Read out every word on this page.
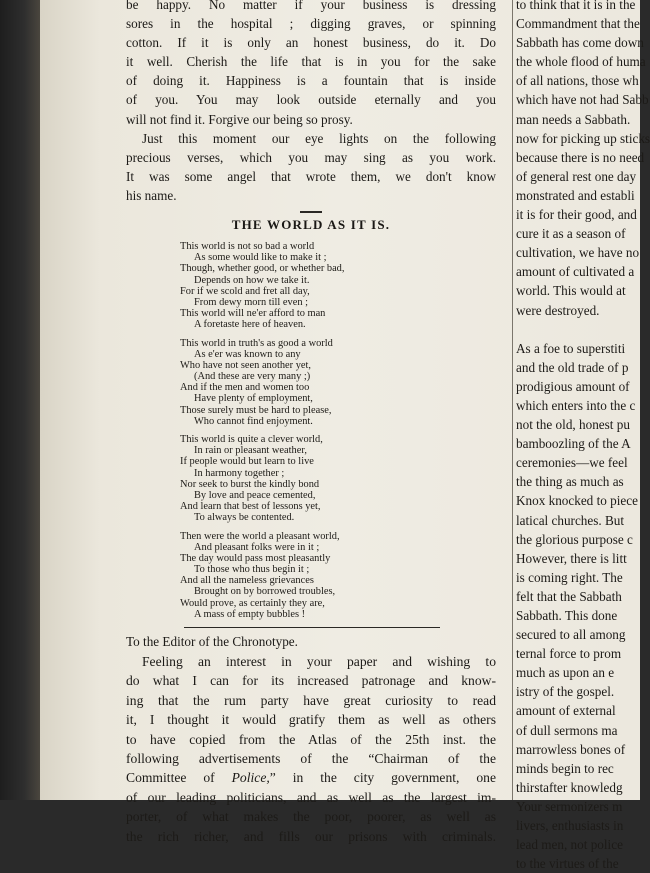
be happy. No matter if your business is dressing
sores in the hospital ; digging graves, or spinning
cotton. If it is only an honest business, do it. Do
it well. Cherish the life that is in you for the sake
of doing it. Happiness is a fountain that is inside
of you. You may look outside eternally and you
will not find it. Forgive our being so prosy.
Just this moment our eye lights on the following
precious verses, which you may sing as you work.
It was some angel that wrote them, we don't know
his name.
THE WORLD AS IT IS.
This world is not so bad a world
As some would like to make it ;
Though, whether good, or whether bad,
Depends on how we take it.
For if we scold and fret all day,
From dewy morn till even ;
This world will ne'er afford to man
A foretaste here of heaven.
This world in truth's as good a world
As e'er was known to any
Who have not seen another yet,
(And these are very many ;)
And if the men and women too
Have plenty of employment,
Those surely must be hard to please,
Who cannot find enjoyment.
This world is quite a clever world,
In rain or pleasant weather,
If people would but learn to live
In harmony together ;
Nor seek to burst the kindly bond
By love and peace cemented,
And learn that best of lessons yet,
To always be contented.
Then were the world a pleasant world,
And pleasant folks were in it ;
The day would pass most pleasantly
To those who thus begin it ;
And all the nameless grievances
Brought on by borrowed troubles,
Would prove, as certainly they are,
A mass of empty bubbles !
To the Editor of the Chronotype.
Feeling an interest in your paper and wishing to
do what I can for its increased patronage and know-
ing that the rum party have great curiosity to read
it, I thought it would gratify them as well as others
to have copied from the Atlas of the 25th inst. the
following advertisements of the “Chairman of the
Committee of Police,” in the city government, one
of our leading politicians, and as well as the largest im-
porter, of what makes the poor, poorer, as well as
the rich richer, and fills our prisons with criminals.
to think that it is in the
Commandment that the
Sabbath has come down
the whole flood of huma
of all nations, those wh
which have not had Sabb
man needs a Sabbath.
now for picking up sticks
because there is no need
of general rest one day
monstrated and establi
it is for their good, and
cure it as a season of
cultivation, we have no
amount of cultivated a
world. This would at
were destroyed.
As a foe to superstiti
and the old trade of p
prodigious amount of
which enters into the c
not the old, honest pu
bamboozling of the A
ceremonies—we feel
the thing as much as
Knox knocked to piece
latical churches. But
the glorious purpose c
However, there is litt
is coming right. The
felt that the Sabbath
Sabbath. This done
secured to all among
ternal force to prom
much as upon an e
istry of the gospel.
amount of external
of dull sermons ma
marrowless bones of
minds begin to rec
thirstafter knowledg
Your sermonizers m
livers, enthusiasts in
lead men, not police
to the virtues of the
